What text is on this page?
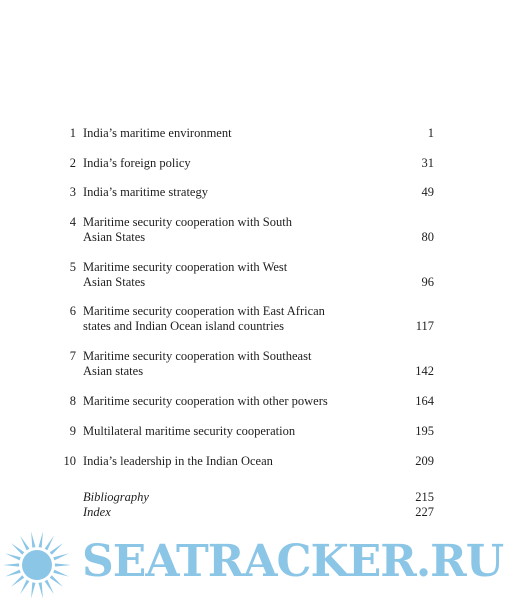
1 India’s maritime environment	1
2 India’s foreign policy	31
3 India’s maritime strategy	49
4 Maritime security cooperation with South
Asian States	80
5 Maritime security cooperation with West
Asian States	96
6 Maritime security cooperation with East African
states and Indian Ocean island countries	117
7 Maritime security cooperation with Southeast
Asian states	142
8 Maritime security cooperation with other powers	164
9 Multilateral maritime security cooperation	195
10 India’s leadership in the Indian Ocean	209
Bibliography	215
Index	227
SEATRACKER.RU
